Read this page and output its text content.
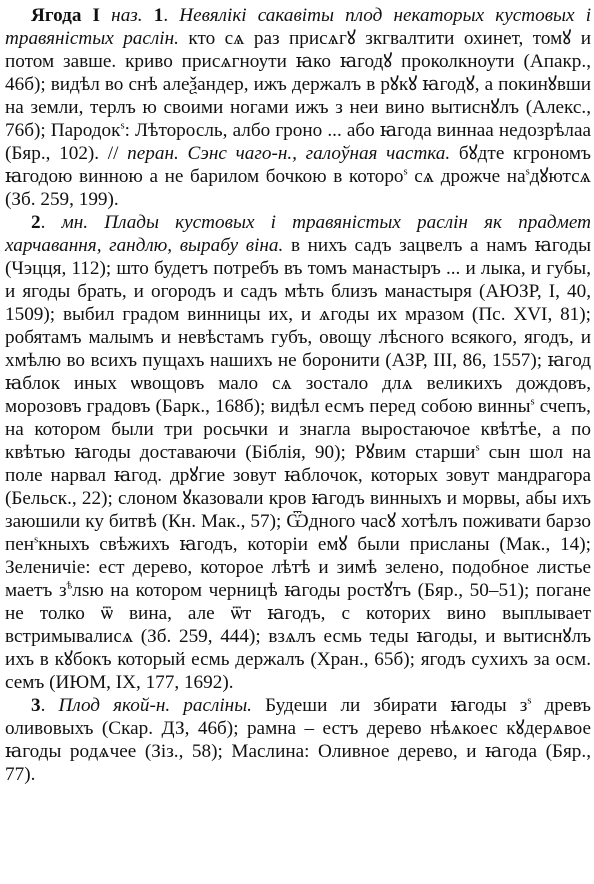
Ягода I наз. 1. Невялікі сакавіты плод некаторых кустовых і травяністых раслін. кто сѧ раз присѧгꙋ зкгвалтити охинет, томꙋ и потом завше. криво присѧгноути ꙗко ꙗгодꙋ проколкноути (Апакр., 46б); видѣл во снѣ алеѯандер, ижъ держалъ в рꙋкꙋ ꙗгодꙋ, а покинꙋвши на земли, терлъ ю своими ногами ижъ з неи вино вытиснꙋлъ (Алекс., 76б); Пародок$^ѕ$: Лѣторосль, албо гроно ... або ꙗгода виннаа недозрѣлаа (Бяр., 102). // перан. Сэнс чаго-н., галоўная частка. бꙋдте кгрономъ ꙗгодою винною а не барилом бочкою в которо$^ѕ$ сѧ дрожче $на^ѕдꙋютсѧ$ (Зб. 259, 199).

2. мн. Плады кустовых і травяністых раслін як прадмет харчавання, гандлю, вырабу віна. в нихъ садъ зацвелъ а намъ ꙗгоды (Чэцця, 112); што будетъ потребъ въ томъ манастыръ ... и лыка, и губы, и ягоды брать, и огородъ и садъ мѣть близъ манастыря (АЮЗР, I, 40, 1509); выбил градом винницы их, и ѧгоды их мразом (Пс. XVI, 81); робятамъ малымъ и невѣстамъ губъ, овощу лѣсного всякого, ягодъ, и хмѣлю во всихъ пущахъ нашихъ не боронити (АЗР, III, 86, 1557); ꙗгод ꙗблок иных ѡвощовъ мало сѧ зостало длѧ великихъ дождовъ, морозовъ градовъ (Барк., 168б); видѣл есмъ перед собою винны$^ѕ$ счепъ, на котором были три росьчки и знагла выростаючое квѣтѣе, а по квѣтью ꙗгоды доставаючи (Біблія, 90); Рꙋвим старши$^ѕ$ сын шол на поле нарвал ꙗгод. дрꙋгие зовут ꙗблочок, которых зовут мандрагора (Бельск., 22); слоном ꙋказовали кров ꙗгодъ винныхъ и морвы, абы ихъ заюшили ку битвѣ (Кн. Мак., 57); Ѿдного часꙋ хотѣлъ поживати барзо пен$^ѕ$кныхъ свѣжихъ ꙗгодъ, которіи емꙋ были присланы (Мак., 14); Зеленичіе: ест дерево, которое лѣтѣ и зимѣ зелено, подобное листье маетъ $з^ѣлѕю$ на котором черницѣ ꙗгоды ростꙋтъ (Бяр., 50–51); погане не толко ѿ вина, але ѿт ꙗгодъ, с которих вино выплывает встримывалисѧ (Зб. 259, 444); взѧлъ есмь теды ꙗгоды, и вытиснꙋлъ ихъ в кꙋбокъ который есмь держалъ (Хран., 65б); ягодъ сухихъ за осм. семъ (ИЮМ, IX, 177, 1692).

3. Плод якой-н. расліны. Будеши ли збирати ꙗгоды $з^ѕ$ древъ оливовыхъ (Скар. ДЗ, 46б); рамна – естъ дерево нѣѧкоес кꙋдерѧвое ꙗгоды родѧчее (Зіз., 58); Маслина: Оливное дерево, и ꙗгода (Бяр., 77).
